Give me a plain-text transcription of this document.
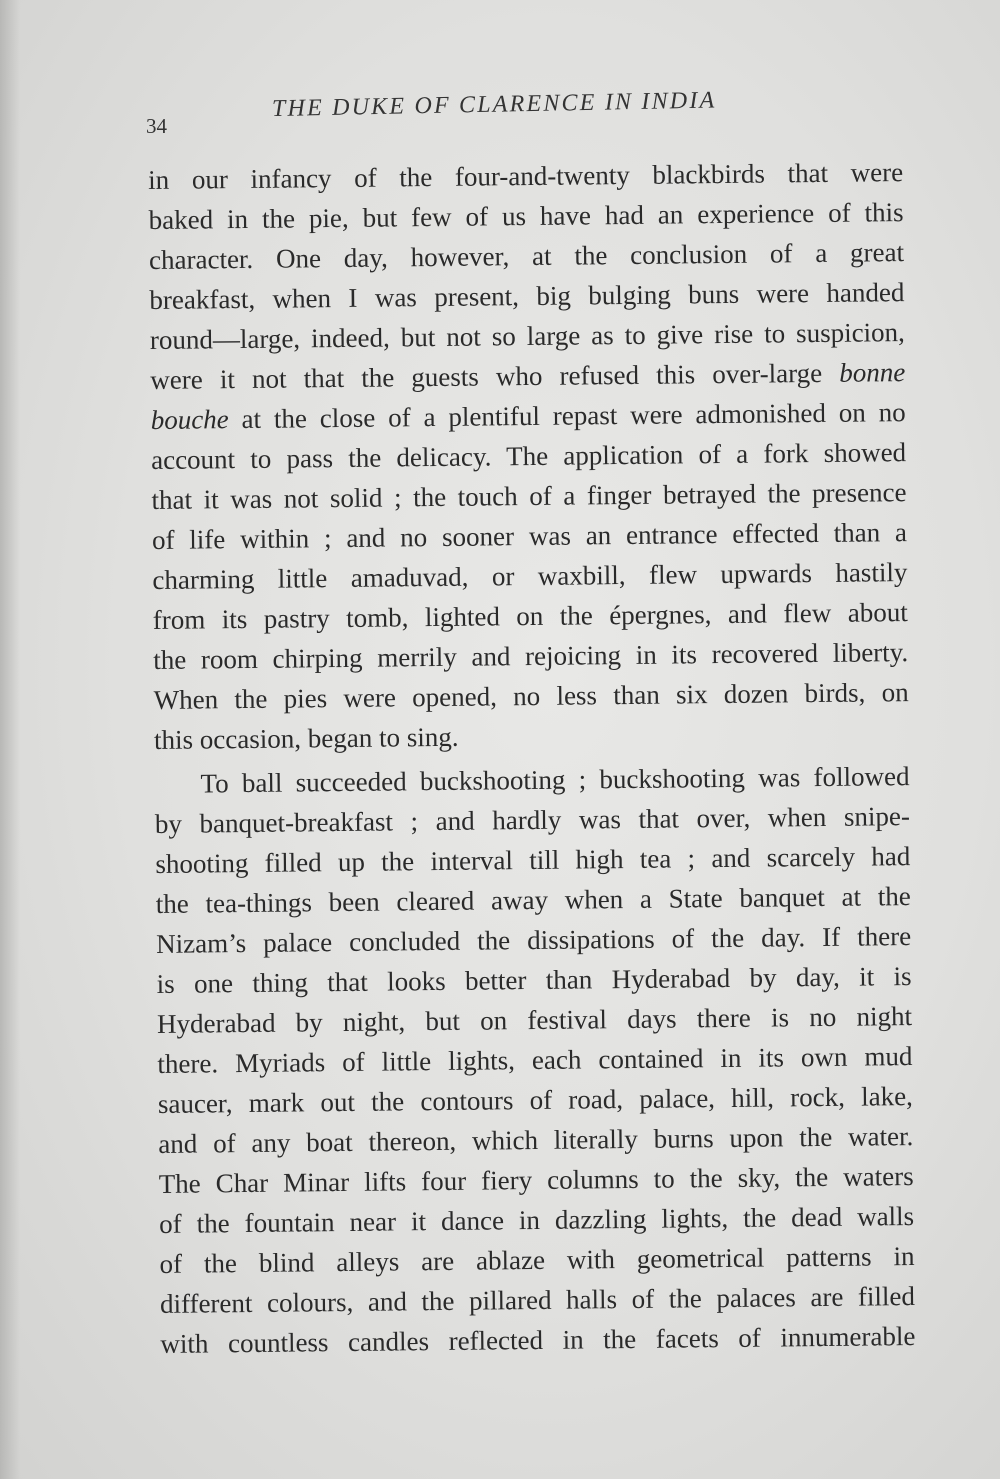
34
THE DUKE OF CLARENCE IN INDIA
in our infancy of the four-and-twenty blackbirds that were
baked in the pie, but few of us have had an experience of this
character. One day, however, at the conclusion of a great
breakfast, when I was present, big bulging buns were handed
round—large, indeed, but not so large as to give rise to suspicion,
were it not that the guests who refused this over-large bonne
bouche at the close of a plentiful repast were admonished on no
account to pass the delicacy. The application of a fork showed
that it was not solid ; the touch of a finger betrayed the presence
of life within ; and no sooner was an entrance effected than a
charming little amaduvad, or waxbill, flew upwards hastily
from its pastry tomb, lighted on the épergnes, and flew about
the room chirping merrily and rejoicing in its recovered liberty.
When the pies were opened, no less than six dozen birds, on
this occasion, began to sing.
To ball succeeded buckshooting ; buckshooting was followed
by banquet-breakfast ; and hardly was that over, when snipe-
shooting filled up the interval till high tea ; and scarcely had
the tea-things been cleared away when a State banquet at the
Nizam’s palace concluded the dissipations of the day. If there
is one thing that looks better than Hyderabad by day, it is
Hyderabad by night, but on festival days there is no night
there. Myriads of little lights, each contained in its own mud
saucer, mark out the contours of road, palace, hill, rock, lake,
and of any boat thereon, which literally burns upon the water.
The Char Minar lifts four fiery columns to the sky, the waters
of the fountain near it dance in dazzling lights, the dead walls
of the blind alleys are ablaze with geometrical patterns in
different colours, and the pillared halls of the palaces are filled
with countless candles reflected in the facets of innumerable
